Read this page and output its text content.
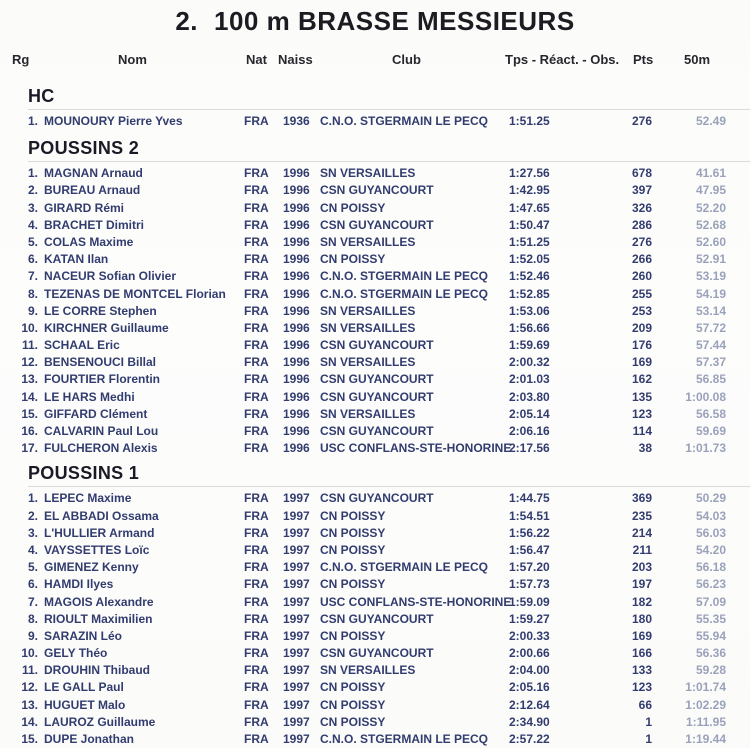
2. 100 m BRASSE MESSIEURS
Rg	Nom	Nat Naiss	Club	Tps - Réact. - Obs. Pts 50m
HC
1. MOUNOURY Pierre Yves	FRA 1936 C.N.O. STGERMAIN LE PECQ 1:51.25	276	52.49
POUSSINS 2
1. MAGNAN Arnaud	FRA 1996 SN VERSAILLES	1:27.56	678	41.61
2. BUREAU Arnaud	FRA 1996 CSN GUYANCOURT	1:42.95	397	47.95
3. GIRARD Rémi	FRA 1996 CN POISSY	1:47.65	326	52.20
4. BRACHET Dimitri	FRA 1996 CSN GUYANCOURT	1:50.47	286	52.68
5. COLAS Maxime	FRA 1996 SN VERSAILLES	1:51.25	276	52.60
6. KATAN Ilan	FRA 1996 CN POISSY	1:52.05	266	52.91
7. NACEUR Sofian Olivier	FRA 1996 C.N.O. STGERMAIN LE PECQ 1:52.46	260	53.19
8. TEZENAS DE MONTCEL Florian FRA 1996 C.N.O. STGERMAIN LE PECQ 1:52.85	255	54.19
9. LE CORRE Stephen	FRA 1996 SN VERSAILLES	1:53.06	253	53.14
10. KIRCHNER Guillaume	FRA 1996 SN VERSAILLES	1:56.66	209	57.72
11. SCHAAL Eric	FRA 1996 CSN GUYANCOURT	1:59.69	176	57.44
12. BENSENOUCI Billal	FRA 1996 SN VERSAILLES	2:00.32	169	57.37
13. FOURTIER Florentin	FRA 1996 CSN GUYANCOURT	2:01.03	162	56.85
14. LE HARS Medhi	FRA 1996 CSN GUYANCOURT	2:03.80	135	1:00.08
15. GIFFARD Clément	FRA 1996 SN VERSAILLES	2:05.14	123	56.58
16. CALVARIN Paul Lou	FRA 1996 CSN GUYANCOURT	2:06.16	114	59.69
17. FULCHERON Alexis	FRA 1996 USC CONFLANS-STE-HONORINE
2:17.56	38	1:01.73
POUSSINS 1
1. LEPEC Maxime	FRA 1997 CSN GUYANCOURT	1:44.75	369	50.29
2. EL ABBADI Ossama	FRA 1997 CN POISSY	1:54.51	235	54.03
3. L'HULLIER Armand	FRA 1997 CN POISSY	1:56.22	214	56.03
4. VAYSSETTES Loïc	FRA 1997 CN POISSY	1:56.47	211	54.20
5. GIMENEZ Kenny	FRA 1997 C.N.O. STGERMAIN LE PECQ 1:57.20	203	56.18
6. HAMDI Ilyes	FRA 1997 CN POISSY	1:57.73	197	56.23
7. MAGOIS Alexandre	FRA 1997 USC CONFLANS-STE-HONORINE
1:59.09	182	57.09
8. RIOULT Maximilien	FRA 1997 CSN GUYANCOURT	1:59.27	180	55.35
9. SARAZIN Léo	FRA 1997 CN POISSY	2:00.33	169	55.94
10. GELY Théo	FRA 1997 CSN GUYANCOURT	2:00.66	166	56.36
11. DROUHIN Thibaud	FRA 1997 SN VERSAILLES	2:04.00	133	59.28
12. LE GALL Paul	FRA 1997 CN POISSY	2:05.16	123	1:01.74
13. HUGUET Malo	FRA 1997 CN POISSY	2:12.64	66	1:02.29
14. LAUROZ Guillaume	FRA 1997 CN POISSY	2:34.90	1	1:11.95
15. DUPE Jonathan	FRA 1997 C.N.O. STGERMAIN LE PECQ 2:57.22	1	1:19.44
